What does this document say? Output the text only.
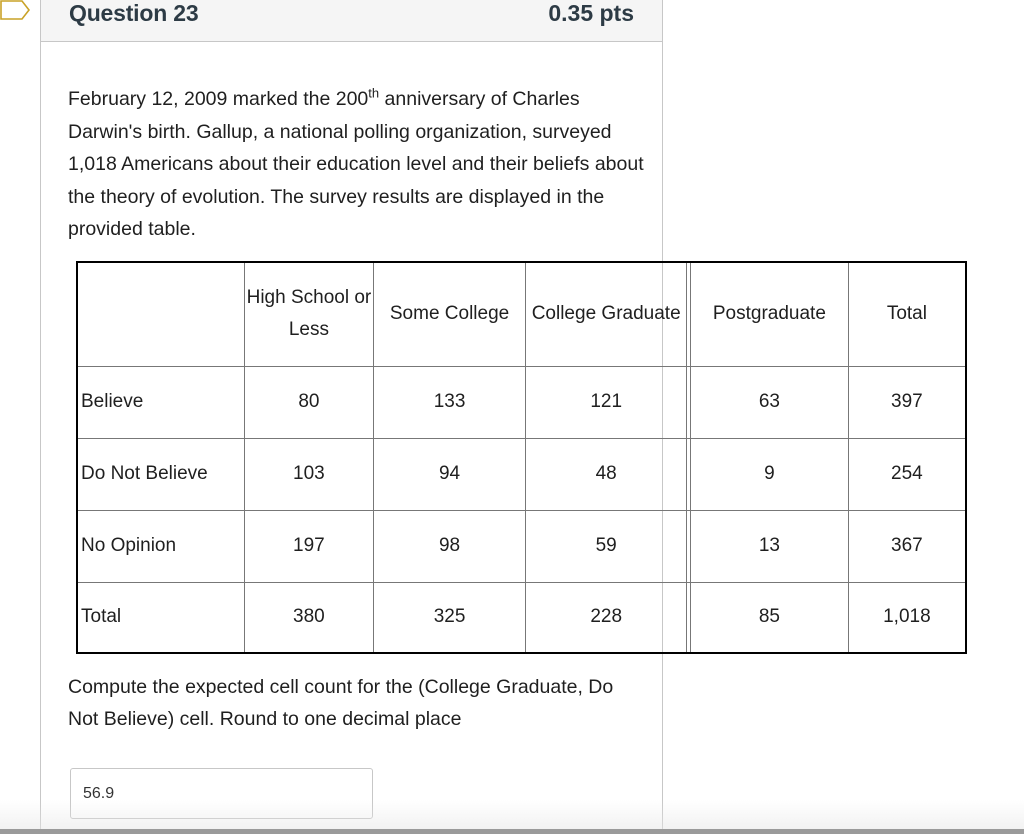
Question 23	0.35 pts
February 12, 2009 marked the 200th anniversary of Charles Darwin's birth. Gallup, a national polling organization, surveyed 1,018 Americans about their education level and their beliefs about the theory of evolution. The survey results are displayed in the provided table.
	High School or Less	Some College	College Graduate		Postgraduate	Total
Believe	80	133	121		63	397
Do Not Believe	103	94	48		9	254
No Opinion	197	98	59		13	367
Total	380	325	228		85	1,018
Compute the expected cell count for the (College Graduate, Do Not Believe) cell. Round to one decimal place
56.9
